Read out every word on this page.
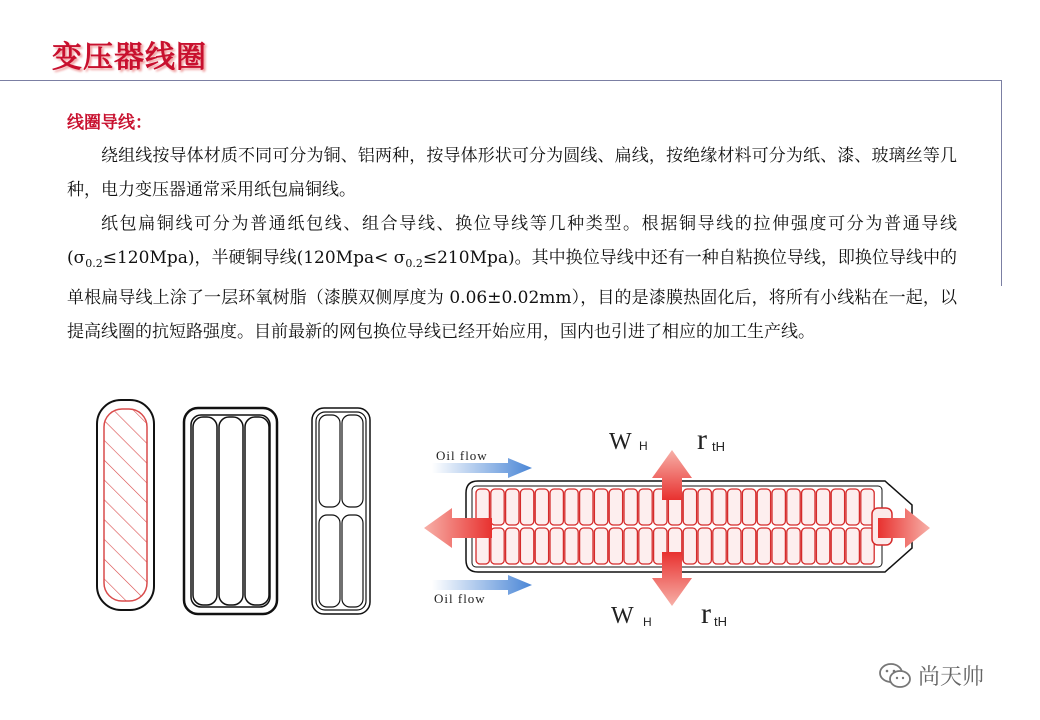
变压器线圈
线圈导线：

绕组线按导体材质不同可分为铜、铝两种，按导体形状可分为圆线、扁线，按绝缘材料可分为纸、漆、玻璃丝等几种，电力变压器通常采用纸包扁铜线。

纸包扁铜线可分为普通纸包线、组合导线、换位导线等几种类型。根据铜导线的拉伸强度可分为普通导线$(\sigma_{0.2}\le 120Mpa)$，半硬铜导线$(120Mpa< \sigma_{0.2}\le 210Mpa)$。其中换位导线中还有一种自粘换位导线，即换位导线中的单根扁导线上涂了一层环氧树脂（漆膜双侧厚度为 0.06±0.02mm），目的是漆膜热固化后，将所有小线粘在一起，以提高线圈的抗短路强度。目前最新的网包换位导线已经开始应用，国内也引进了相应的加工生产线。

Oil flow
Oil flow
W H r tH
W H r tH
尚天帅
